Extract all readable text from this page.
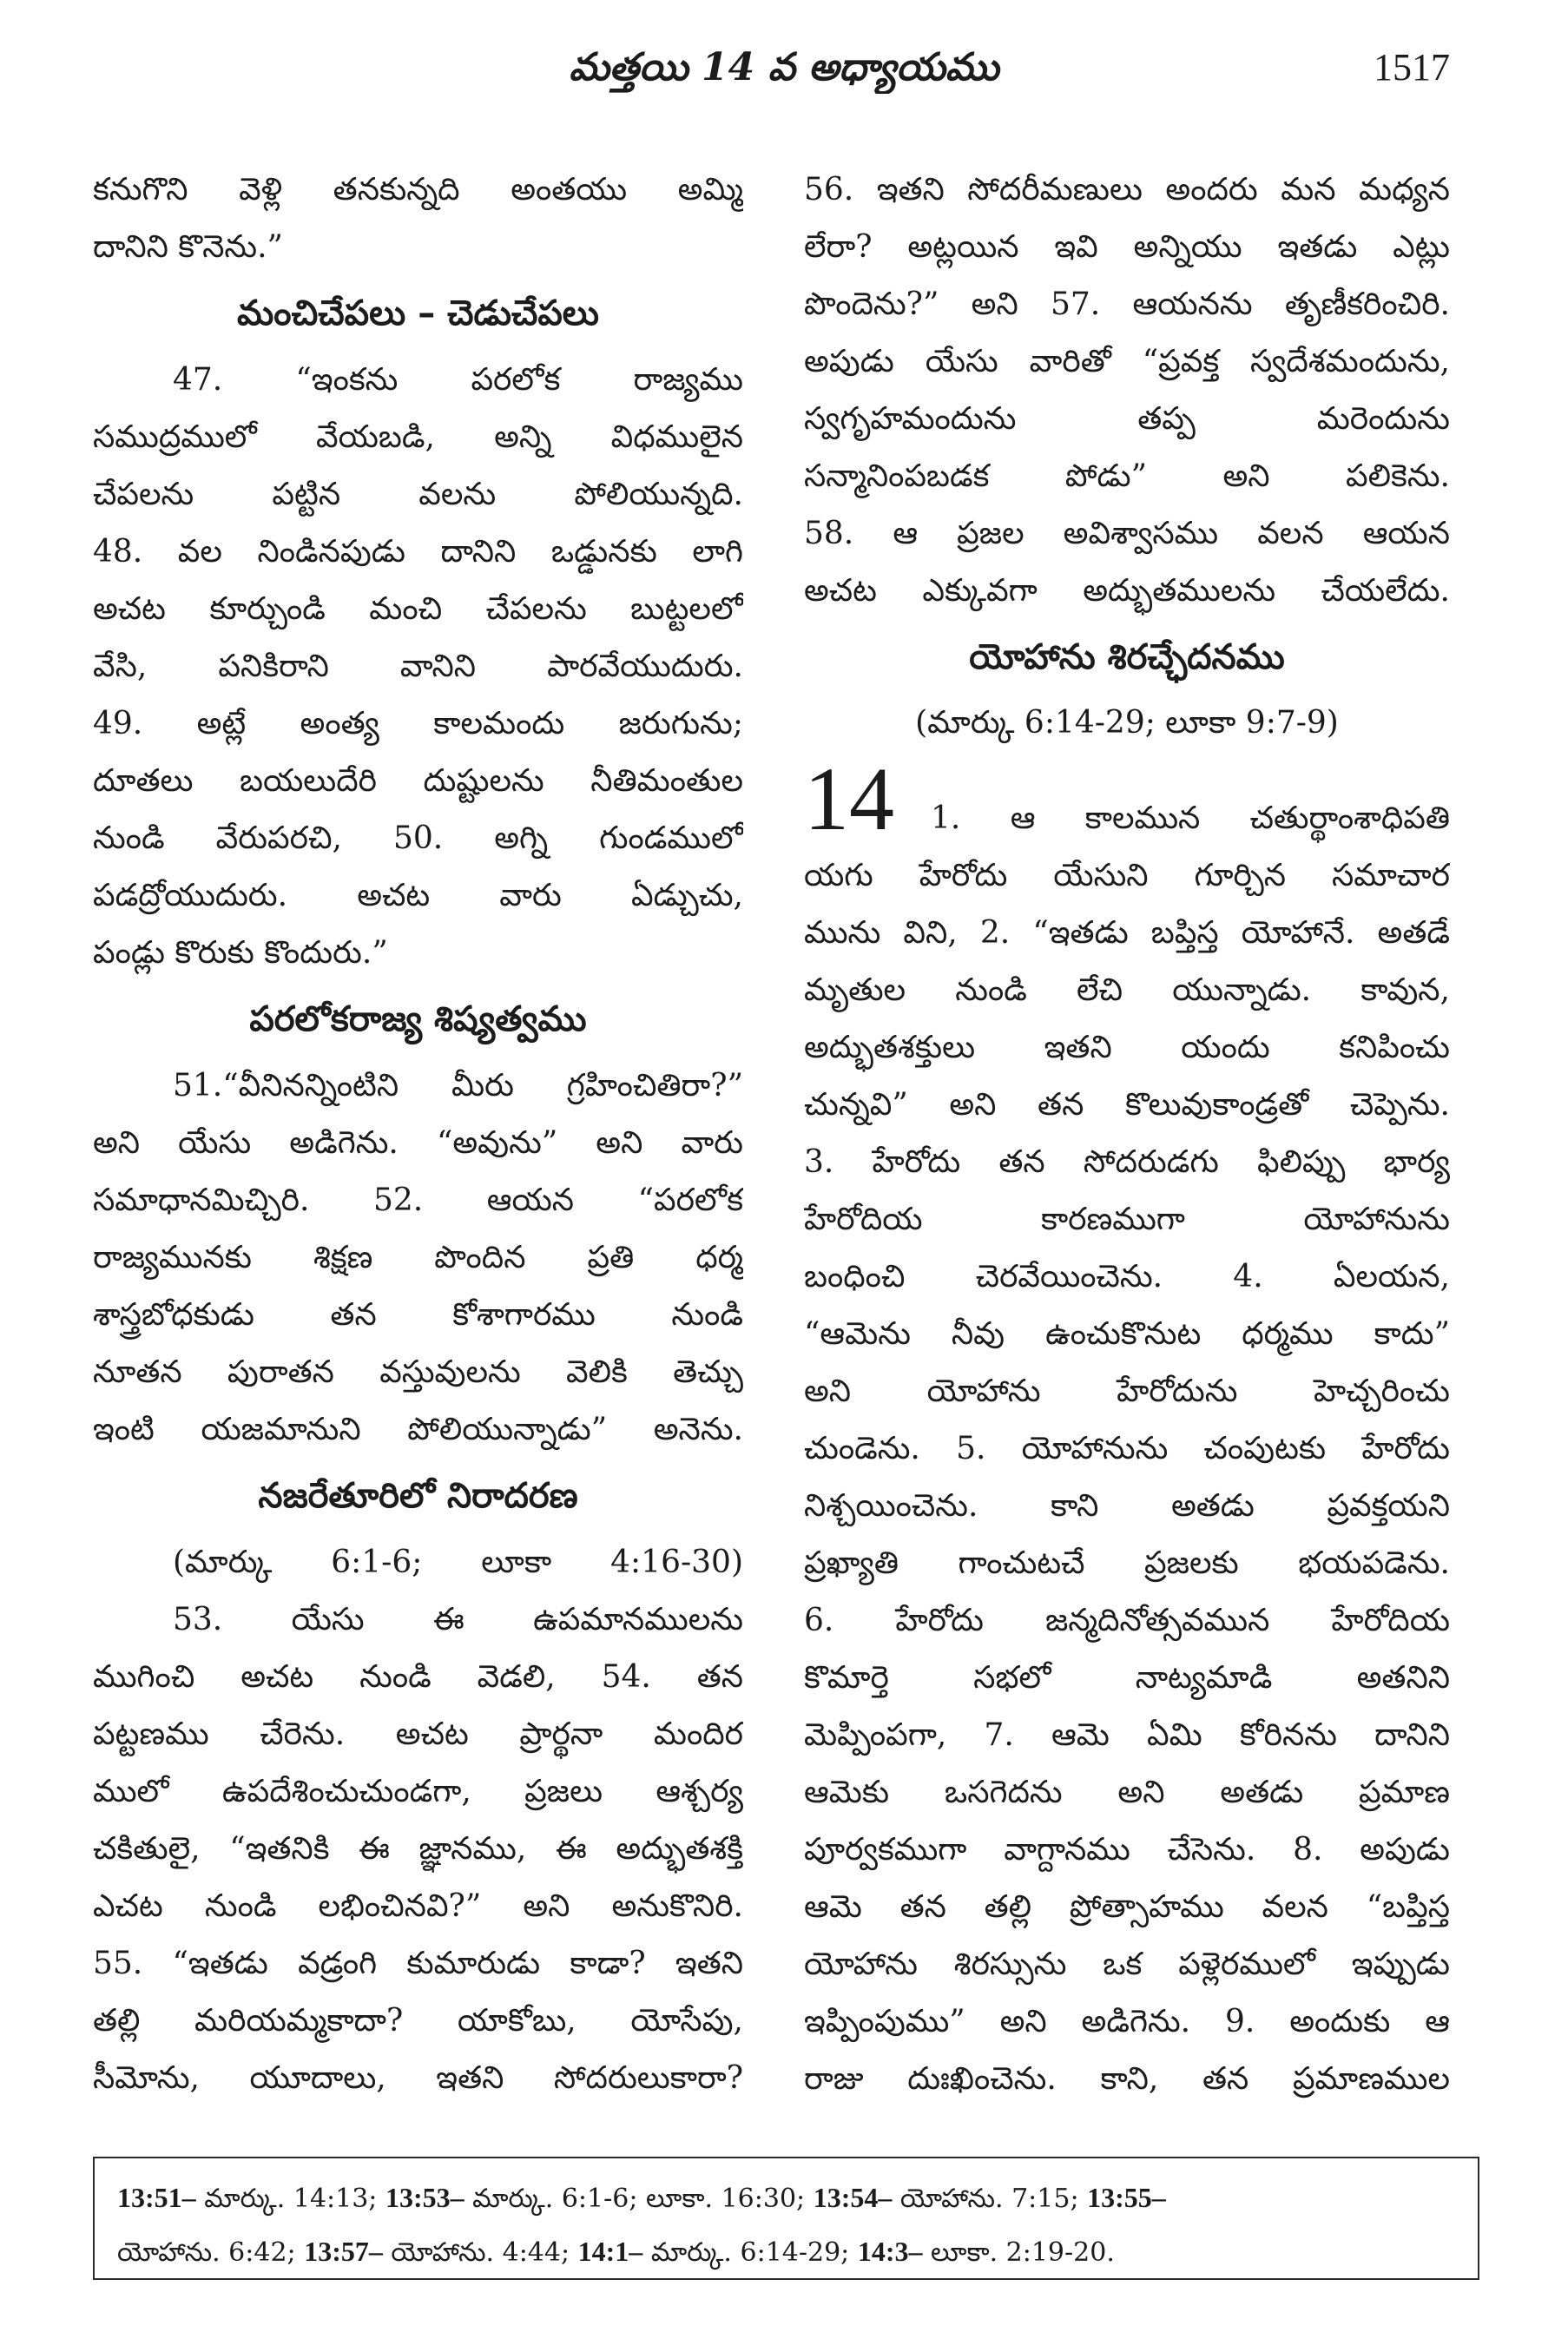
మత్తయి 14 వ అధ్యాయము	1517
కనుగొని వెళ్లి తనకున్నది అంతయు అమ్మి
దానిని కొనెను.”
మంచిచేపలు – చెడుచేపలు
47. “ఇంకను పరలోక రాజ్యము
సముద్రములో వేయబడి, అన్ని విధములైన
చేపలను పట్టిన వలను పోలియున్నది.
48. వల నిండినపుడు దానిని ఒడ్డునకు లాగి
అచట కూర్చుండి మంచి చేపలను బుట్టలలో
వేసి, పనికిరాని వానిని పారవేయుదురు.
49. అట్లే అంత్య కాలమందు జరుగును;
దూతలు బయలుదేరి దుష్టులను నీతిమంతుల
నుండి వేరుపరచి, 50. అగ్ని గుండములో
పడద్రోయుదురు. అచట వారు ఏడ్చుచు,
పండ్లు కొరుకు కొందురు.”
పరలోకరాజ్య శిష్యత్వము
51.“వీనినన్నింటిని మీరు గ్రహించితిరా?”
అని యేసు అడిగెను. “అవును” అని వారు
సమాధానమిచ్చిరి. 52. ఆయన “పరలోక
రాజ్యమునకు శిక్షణ పొందిన ప్రతి ధర్మ
శాస్త్రబోధకుడు తన కోశాగారము నుండి
నూతన పురాతన వస్తువులను వెలికి తెచ్చు
ఇంటి యజమానుని పోలియున్నాడు” అనెను.
నజరేతూరిలో నిరాదరణ
(మార్కు 6:1-6; లూకా 4:16-30)
53. యేసు ఈ ఉపమానములను
ముగించి అచట నుండి వెడలి, 54. తన
పట్టణము చేరెను. అచట ప్రార్థనా మందిర
ములో ఉపదేశించుచుండగా, ప్రజలు ఆశ్చర్య
చకితులై, “ఇతనికి ఈ జ్ఞానము, ఈ అద్భుతశక్తి
ఎచట నుండి లభించినవి?” అని అనుకొనిరి.
55. “ఇతడు వడ్రంగి కుమారుడు కాడా? ఇతని
తల్లి మరియమ్మకాదా? యాకోబు, యోసేపు,
సీమోను, యూదాలు, ఇతని సోదరులుకారా?
56. ఇతని సోదరీమణులు అందరు మన మధ్యన
లేరా? అట్లయిన ఇవి అన్నియు ఇతడు ఎట్లు
పొందెను?” అని 57. ఆయనను తృణీకరించిరి.
అపుడు యేసు వారితో “ప్రవక్త స్వదేశమందును,
స్వగృహమందును తప్ప మరెందును
సన్మానింపబడక పోడు” అని పలికెను.
58. ఆ ప్రజల అవిశ్వాసము వలన ఆయన
అచట ఎక్కువగా అద్భుతములను చేయలేదు.
యోహాను శిరచ్ఛేదనము
(మార్కు 6:14-29; లూకా 9:7-9)
14 1. ఆ కాలమున చతుర్థాంశాధిపతి
యగు హేరోదు యేసుని గూర్చిన సమాచార
మును విని, 2. “ఇతడు బప్తిస్త యోహానే. అతడే
మృతుల నుండి లేచి యున్నాడు. కావున,
అద్భుతశక్తులు ఇతని యందు కనిపించు
చున్నవి” అని తన కొలువుకాండ్రతో చెప్పెను.
3. హేరోదు తన సోదరుడగు ఫిలిప్పు భార్య
హేరోదియ కారణముగా యోహానును
బంధించి చెరవేయించెను. 4. ఏలయన,
“ఆమెను నీవు ఉంచుకొనుట ధర్మము కాదు”
అని యోహాను హేరోదును హెచ్చరించు
చుండెను. 5. యోహానును చంపుటకు హేరోదు
నిశ్చయించెను. కాని అతడు ప్రవక్తయని
ప్రఖ్యాతి గాంచుటచే ప్రజలకు భయపడెను.
6. హేరోదు జన్మదినోత్సవమున హేరోదియ
కొమార్తె సభలో నాట్యమాడి అతనిని
మెప్పింపగా, 7. ఆమె ఏమి కోరినను దానిని
ఆమెకు ఒసగెదను అని అతడు ప్రమాణ
పూర్వకముగా వాగ్దానము చేసెను. 8. అపుడు
ఆమె తన తల్లి ప్రోత్సాహము వలన “బప్తిస్త
యోహాను శిరస్సును ఒక పళ్లెరములో ఇప్పుడు
ఇప్పింపుము” అని అడిగెను. 9. అందుకు ఆ
రాజు దుఃఖించెను. కాని, తన ప్రమాణముల
13:51– మార్కు. 14:13; 13:53– మార్కు. 6:1-6; లూకా. 16:30; 13:54– యోహాను. 7:15; 13:55–
యోహాను. 6:42; 13:57– యోహాను. 4:44; 14:1– మార్కు. 6:14-29; 14:3– లూకా. 2:19-20.
